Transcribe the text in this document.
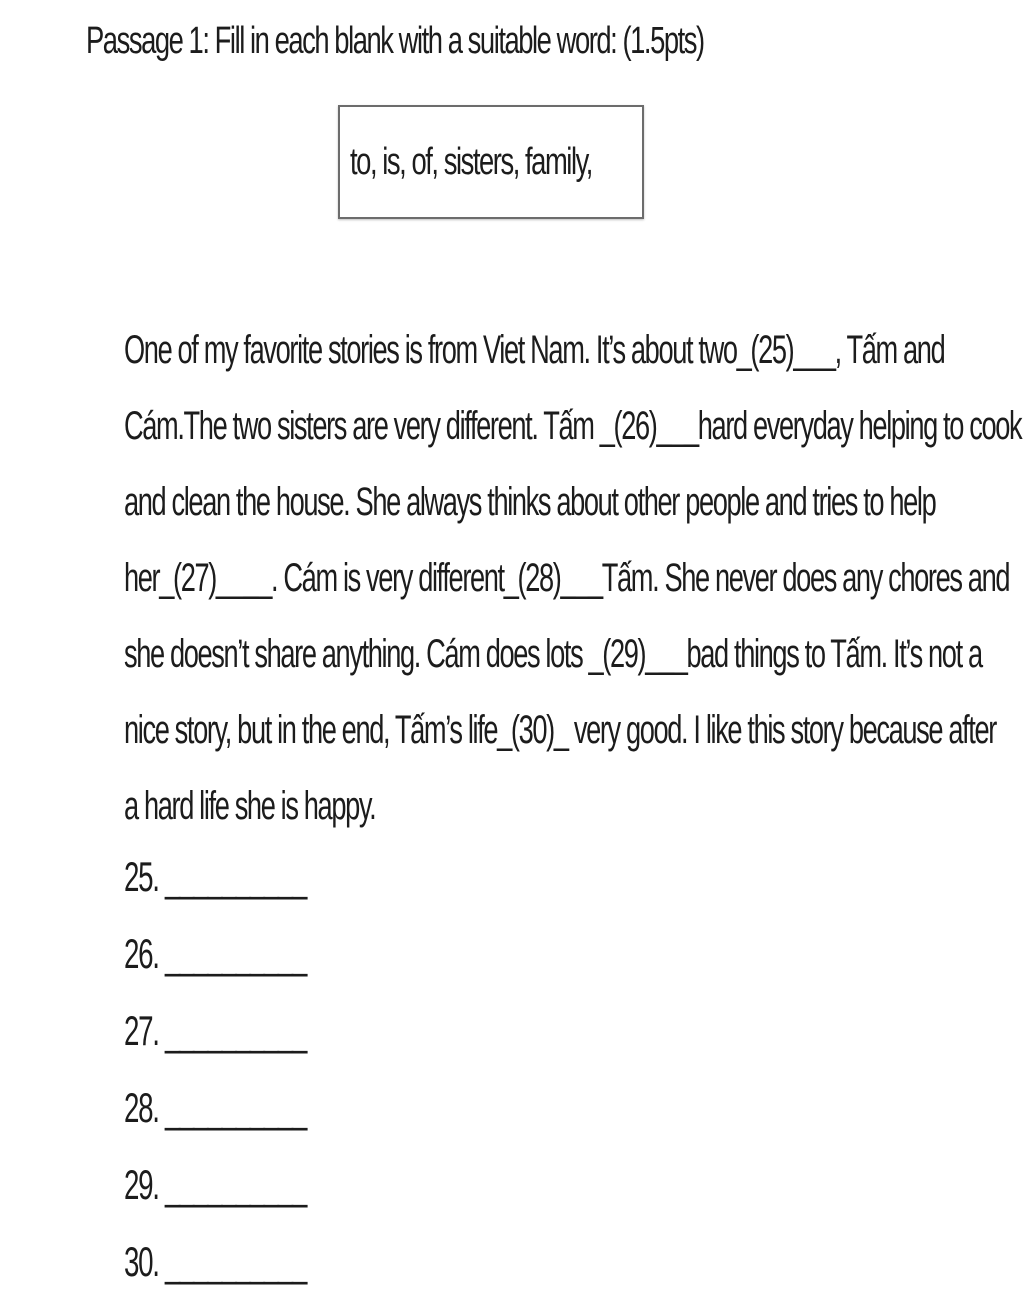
Passage 1: Fill in each blank with a suitable word: (1.5pts)
to, is, of, sisters, family,
One of my favorite stories is from Viet Nam. It’s about two_(25)___, Tấm and
Cám.The two sisters are very different. Tấm _(26)___hard everyday helping to cook
and clean the house. She always thinks about other people and tries to help
her_(27)____. Cám is very different_(28)___Tấm. She never does any chores and
she doesn’t share anything. Cám does lots _(29)___bad things to Tấm. It’s not a
nice story, but in the end, Tấm’s life_(30)_ very good. I like this story because after
a hard life she is happy.
25. __________
26. __________
27. __________
28. __________
29. __________
30. __________
